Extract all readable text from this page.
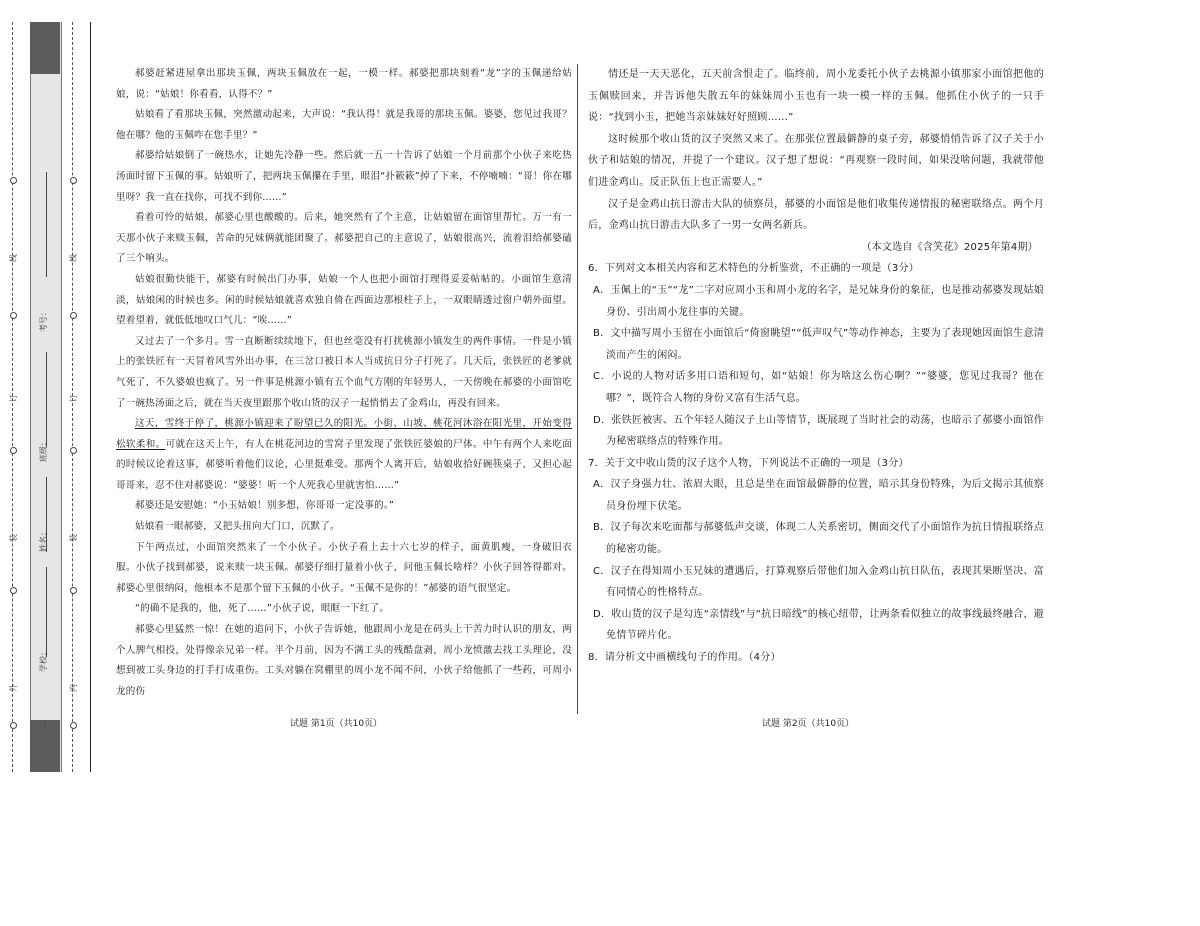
线
考号：
订
班级：
装	姓名：
学校：
外	内
线
订
装
…

郝婆赶紧进屋拿出那块玉佩，两块玉佩放在一起，一模一样。郝婆把那块刻着“龙”字的玉佩递给姑娘，说：“姑娘！你看看，认得不？”

姑娘看了看那块玉佩，突然激动起来，大声说：“我认得！就是我哥的那块玉佩。婆婆，您见过我哥？他在哪？他的玉佩咋在您手里？”

郝婆给姑娘倒了一碗热水，让她先冷静一些。然后就一五一十告诉了姑娘一个月前那个小伙子来吃热汤面时留下玉佩的事。姑娘听了，把两块玉佩攥在手里，眼泪“扑簌簌”掉了下来，不停喃喃：“哥！你在哪里呀？我一直在找你，可找不到你……”

看着可怜的姑娘，郝婆心里也酸酸的。后来，她突然有了个主意，让姑娘留在面馆里帮忙。万一有一天那小伙子来赎玉佩，苦命的兄妹俩就能团聚了。郝婆把自己的主意说了，姑娘很高兴，流着泪给郝婆磕了三个响头。

姑娘很勤快能干，郝婆有时候出门办事，姑娘一个人也把小面馆打理得妥妥帖帖的。小面馆生意清淡，姑娘闲的时候也多。闲的时候姑娘就喜欢独自倚在西面边那根柱子上，一双眼睛透过窗户朝外面望。望着望着，就低低地叹口气儿：“唉……”

又过去了一个多月。雪一直断断续续地下，但也丝毫没有打扰桃源小镇发生的两件事情。一件是小镇上的张铁匠有一天冒着风雪外出办事，在三岔口被日本人当成抗日分子打死了。几天后，张铁匠的老爹就气死了，不久婆娘也疯了。另一件事是桃源小镇有五个血气方刚的年轻男人，一天傍晚在郝婆的小面馆吃了一碗热汤面之后，就在当天夜里跟那个收山货的汉子一起悄悄去了金鸡山，再没有回来。

这天，雪终于停了，桃源小镇迎来了盼望已久的阳光。小街、山坡、桃花河沐浴在阳光里，开始变得松软柔和。可就在这天上午，有人在桃花河边的雪窝子里发现了张铁匠婆娘的尸体。中午有两个人来吃面的时候议论着这事，郝婆听着他们议论，心里挺难受。那两个人离开后，姑娘收拾好碗筷桌子，又担心起哥哥来，忍不住对郝婆说：“婆婆！听一个人死我心里就害怕……”

郝婆还是安慰她：“小玉姑娘！别多想，你哥哥一定没事的。”

姑娘看一眼郝婆，又把头扭向大门口，沉默了。

下午两点过，小面馆突然来了一个小伙子。小伙子看上去十六七岁的样子，面黄肌瘦，一身破旧衣服。小伙子找到郝婆，说来赎一块玉佩。郝婆仔细打量着小伙子，问他玉佩长啥样？小伙子回答得都对。郝婆心里很纳闷，他根本不是那个留下玉佩的小伙子。“玉佩不是你的！”郝婆的语气很坚定。

“的确不是我的，他，死了……”小伙子说，眼眶一下红了。

郝婆心里猛然一惊！在她的追问下，小伙子告诉她，他跟周小龙是在码头上干苦力时认识的朋友，两个人脾气相投，处得像亲兄弟一样。半个月前，因为不满工头的残酷盘剥，周小龙愤激去找工头理论，没想到被工头身边的打手打成重伤。工头对躺在窝棚里的周小龙不闻不问，小伙子给他抓了一些药，可周小龙的伤

情还是一天天恶化，五天前含恨走了。临终前，周小龙委托小伙子去桃源小镇那家小面馆把他的玉佩赎回来，并告诉他失散五年的妹妹周小玉也有一块一模一样的玉佩。他抓住小伙子的一只手说：“找到小玉，把她当亲妹妹好好照顾……”

这时候那个收山货的汉子突然又来了。在那张位置最僻静的桌子旁，郝婆悄悄告诉了汉子关于小伙子和姑娘的情况，并提了一个建议。汉子想了想说：“再观察一段时间，如果没啥问题，我就带他们进金鸡山。反正队伍上也正需要人。”

汉子是金鸡山抗日游击大队的侦察员，郝婆的小面馆是他们收集传递情报的秘密联络点。两个月后，金鸡山抗日游击大队多了一男一女两名新兵。

（本文选自《含笑花》2025年第4期）

6．下列对文本相关内容和艺术特色的分析鉴赏，不正确的一项是（3分）

A．玉佩上的“玉”“龙”二字对应周小玉和周小龙的名字，是兄妹身份的象征，也是推动郝婆发现姑娘身份、引出周小龙往事的关键。

B．文中描写周小玉留在小面馆后“倚窗眺望”“低声叹气”等动作神态，主要为了表现她因面馆生意清淡而产生的闲闷。

C．小说的人物对话多用口语和短句，如“姑娘！你为啥这么伤心啊？”“婆婆，您见过我哥？他在哪？”，既符合人物的身份又富有生活气息。

D．张铁匠被害、五个年轻人随汉子上山等情节，既展现了当时社会的动荡，也暗示了郝婆小面馆作为秘密联络点的特殊作用。

7．关于文中收山货的汉子这个人物，下列说法不正确的一项是（3分）

A．汉子身强力壮、浓眉大眼，且总是坐在面馆最僻静的位置，暗示其身份特殊，为后文揭示其侦察员身份埋下伏笔。

B．汉子每次来吃面都与郝婆低声交谈，体现二人关系密切，侧面交代了小面馆作为抗日情报联络点的秘密功能。

C．汉子在得知周小玉兄妹的遭遇后，打算观察后带他们加入金鸡山抗日队伍，表现其果断坚决、富有同情心的性格特点。

D．收山货的汉子是勾连“亲情线”与“抗日暗线”的核心纽带，让两条看似独立的故事线最终融合，避免情节碎片化。

8．请分析文中画横线句子的作用。（4分）

试题 第1页（共10页）	试题 第2页（共10页）
